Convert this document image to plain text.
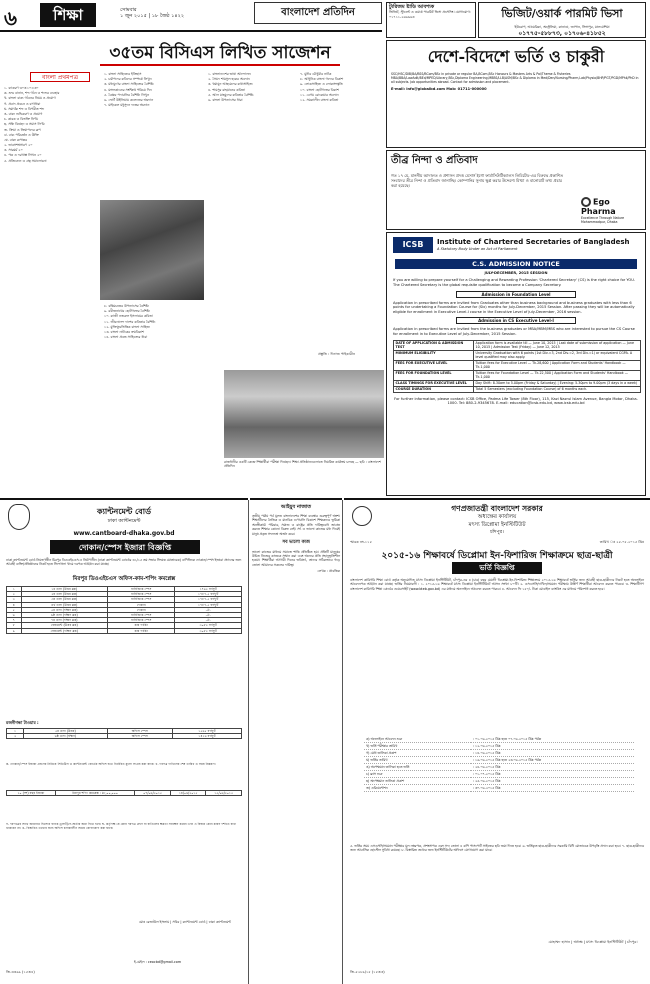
৬	শিক্ষা	সোমবার
১ জুন ২০১৫ | ১৮ জৈষ্ঠ ১৪২২	বাংলাদেশ প্রতিদিন
৩৫তম বিসিএস লিখিত সাজেশন
বাংলা প্রথমপত্র

১. ব্যাকরণ ৩০×১০=৩০

ক. শুদ্ধ বানান, শব্দ গঠন ও শব্দের ব্যবহার

খ. বাংলা বাক্য গঠনের নিয়ম ও প্রয়োগ

গ. প্রবাদ প্রবচন ও বাগধারা

ঘ. সমার্থক শব্দ ও বিপরীত শব্দ

ঙ. বাক্য শুদ্ধিকরণ ও প্রয়োগ

চ. কারক ও বিভক্তি নির্ণয়

ছ. সন্ধি বিচ্ছেদ ও সমাস নির্ণয়

জ. ক্রিয়া ও ক্রিয়াপদের রূপ

ঝ. বাচ্য পরিবর্তন ও উক্তি

ঞ. বাক্য রূপান্তর

২. ভাবসম্প্রসারণ ২০

৩. সারমর্ম ২০

৪. পত্র ও দরখাস্ত লিখন ২০

৫. প্রতিবেদন ও গ্রন্থ সমালোচনা

১. বাংলা সাহিত্যের ইতিহাস

২. চর্যাপদের কবিদের সম্পর্কে লিখুন

৩. মধ্যযুগের বাংলা সাহিত্যের বৈশিষ্ট্য

৪. মঙ্গলকাব্যের সংক্ষিপ্ত পরিচয় দিন

৫. বৈষ্ণব পদাবলির বৈশিষ্ট্য লিখুন

৬. ফোর্ট উইলিয়াম কলেজের অবদান

৭. মাইকেল মধুসূদন দত্তের অবদান

৮. বঙ্কিমচন্দ্রের উপন্যাসের বৈশিষ্ট্য

৯. রবীন্দ্রনাথের ছোটগল্পের বৈশিষ্ট্য

১০. কাজী নজরুল ইসলামের কবিতা

১১. জীবনানন্দ দাশের কবিতার বৈশিষ্ট্য

১২. মুক্তিযুদ্ধভিত্তিক বাংলা সাহিত্য

১৩. বাংলা নাটকের ক্রমবিকাশ

১৪. বাংলা প্রবন্ধ সাহিত্যের ধারা

১. বাংলাদেশের ভাষা আন্দোলন

২. সৈয়দ শামসুল হকের অবদান

৩. হুমায়ূন আহমেদের কথাসাহিত্য

৪. শামসুর রাহমানের কবিতা

৫. আল মাহমুদের কবিতার বৈশিষ্ট্য

৬. বাংলা উপন্যাসের ধারা

৭. মুনীর চৌধুরীর নাটক

৮. আধুনিক বাংলা গদ্যের বিকাশ

৯. লোকসাহিত্য ও লোকসংস্কৃতি

১০. বাংলা ছোটগল্পের বিকাশ

১১. বেগম রোকেয়ার অবদান

১২. সমকালীন বাংলা কবিতা

প্রস্তুতি : দিনাজ পাইকারীন
রাজধানীর একটি কেন্দ্রে শিক্ষার্থীরা পরীক্ষা দিচ্ছেন। শিক্ষা প্রতিষ্ঠানগুলোতে নিয়মিত কার্যক্রম চলছে — ছবি : বাংলাদেশ প্রতিদিন
ট্যুরিজম ষ্টাডি আবশ্যক
ভিজিট, স্টুডেন্ট ও ওয়ার্ক পারমিট ভিসা প্রসেসিং। যোগাযোগ: ০১৭১১-২৬৬৬৬৩	ভিজিট/ওয়ার্ক পারমিট ভিসা
ইউরোপ, আমেরিকা, অস্ট্রেলিয়া, কানাডা, জাপান, সিঙ্গাপুর, মালয়েশিয়া
০১৭৭৫-৫৮৮৭৩, ০১৭০৬-৪১৮৫২
দেশে-বিদেশে ভর্তি ও চাকুরী
SSC/HSC/DIB/BA/BSS/BCom/BSc in private or regular BA,BCom,BSc Honours & Masters Arts & Pol/Theme & Fisheries MBA/BBA/LawAdit/BEd/MPED/Library,BSc,Diploma Engineering,MBBS/LLB/ASM/BSc & Diploma in Med/Den/Nursing/Pharm,Lab/Physio/BHP/PGT/PGD/MPhil/PhD in all subjects. Job opportunities abroad. Contact for admission and placement.
E-mail: info@globalbd.com Mob: 01711-000000
তীব্র নিন্দা ও প্রতিবাদ
গত ১৭ মে, মাননীয় আদালত ও প্রশাসন প্রদত্ত মেসার্স ইগো ফার্মাসিউটিক্যালস লিমিটেড-এর বিরুদ্ধে প্রকাশিত সংবাদের তীব্র নিন্দা ও প্রতিবাদ জানাচ্ছি। কোম্পানির সুনাম ক্ষুণ্ণ করার উদ্দেশ্যে মিথ্যা ও বানোয়াট তথ্য প্রচার করা হয়েছে।
Ego Pharma
Excellence Through Nature
Mohammadpur, Dhaka
ICSB	Institute of Chartered Secretaries of Bangladesh
A Statutory Body Under an Act of Parliament
C.S. ADMISSION NOTICE
JULY-DECEMBER, 2015 SESSION
If you are willing to prepare yourself for a Challenging and Rewarding Profession 'Chartered Secretary' (CS) is the right choice for YOU. The Chartered Secretary is the global requisite qualification to become a Company Secretary.
Admission in Foundation Level
Application in prescribed forms are invited from Graduates other than business background and business graduates with less than 6 points for undertaking a Foundation Course for (Six) months for July-December, 2015 Session. After passing they will be automatically eligible for enrollment in Executive Level-I course in the Executive Level of July-December, 2016 session.
Admission in CS Executive Level-I
Application in prescribed forms are invited from the business graduates or MBA/MBM/MBS who are interested to pursue the CS Course for enrollment in to Executive Level of July-December, 2015 Session.
DATE OF APPLICATION & ADMISSION TEST	Application form is available till — June 10, 2015 | Last date of submission of application — June 10, 2015 | Admission Test (Friday) — June 12, 2015
MINIMUM ELIGIBILITY	University Graduation with 6 points (1st Div.=3, 2nd Div.=2, 3rd Div.=1) or equivalent CGPA. A level qualified may also apply.
FEES FOR EXECUTIVE LEVEL	Tuition fees for Executive Level — Tk.28,600 | Application Form and Students' Handbook — Tk.1,000
FEES FOR FOUNDATION LEVEL	Tuition fees for Foundation Level — Tk.22,500 | Application Form and Students' Handbook — Tk.1,000
CLASS TIMINGS FOR EXECUTIVE LEVEL	Day Shift: 8.30am to 5.00pm (Friday & Saturday) | Evening: 5.30pm to 9.00pm (3 days in a week)
COURSE DURATION	Total 5 Semesters (excluding Foundation Course) of 6 months each.
For further information, please contact: ICSB Office, Padma Life Tower (8th Floor), 115, Kazi Nazrul Islam Avenue, Bangla Motor, Dhaka-1000. Tel: 880-2-9345678. E-mail: education@icsb.edu.bd, www.icsb.edu.bd
ক্যান্টনমেন্ট বোর্ড
ঢাকা ক্যান্টনমেন্ট
www.cantboard-dhaka.gov.bd
দোকান/স্পেস ইজারা বিজ্ঞপ্তি
ঢাকা ক্যান্টনমেন্ট বোর্ড নিয়ন্ত্রণাধীন মিরপুর ডিওএইচএস-এ নির্মাণাধীন (ঢাকা ক্যান্টনমেন্ট বোর্ডের ৩১/১৫ তম সভার সিদ্ধান্ত মোতাবেক) বাণিজ্যিক দোকান/স্পেস ইজারা প্রদানের জন্য আগ্রহী ব্যক্তি/প্রতিষ্ঠানের নিকট হতে সিলগালা খামে দরপত্র আহ্বান করা যাচ্ছে।
মিরপুর ডিওএইচএস অফিস-কাম-শপিং কমপ্লেক্স
১	১ম তলা (উত্তর ব্লক)	বাণিজ্যিক স্পেস	১৭৬২ বর্গফুট
২	২য় তলা (উত্তর ব্লক)	বাণিজ্যিক স্পেস	১৭৮৭.৫ বর্গফুট
৩	৩য় তলা (উত্তর ব্লক)	বাণিজ্যিক স্পেস	১৭৮৭.৫ বর্গফুট
৪	৪র্থ তলা (উত্তর ব্লক)	দোকান	১৭৮৭.৫ বর্গফুট
৫	৫ম তলা (দক্ষিণ ব্লক)	দোকান	-ঐ-
৬	৬ষ্ঠ তলা (দক্ষিণ ব্লক)	বাণিজ্যিক স্পেস	-ঐ-
৭	৭ম তলা (দক্ষিণ ব্লক)	বাণিজ্যিক স্পেস	-ঐ-
৮	বেজমেন্ট (উত্তর ব্লক)	কার পার্কিং	৩০৮২ বর্গফুট
৯	বেজমেন্ট (দক্ষিণ ব্লক)	কার পার্কিং	৩০৮২ বর্গফুট
রজনীগন্ধা টাওয়ার :
১	৫ম তলা (উত্তর)	অফিস স্পেস	১৫৬৫ বর্গফুট
২	৬ষ্ঠ তলা (দক্ষিণ)	অফিস স্পেস	১৪১৬ বর্গফুট
ক. দোকান/স্পেস ইজারা গ্রহণের নিমিত্তে সিডিউল ও ক্যান্টনমেন্ট বোর্ডের অফিস হতে নির্ধারিত মূল্যে সংগ্রহ করা যাবে। খ. দরপত্র দাখিলের শেষ তারিখ ও সময় নিম্নরূপ:
১০ (দশ) বছর ইজারা	মিরপুর শপিং কমপ্লেক্স : ৳৮,০০,০০০	০৭/০৬/২০১৫	১৪/০৬/২০১৫	১৫/০৬/২০১৫
গ. দরপত্রের সাথে জামানত হিসেবে ব্যাংক ড্রাফট/পে-অর্ডার জমা দিতে হবে। ঘ. কর্তৃপক্ষ যে কোন দরপত্র গ্রহণ বা বাতিলের ক্ষমতা সংরক্ষণ করেন এবং এ বিষয়ে কোন কারণ দর্শাতে বাধ্য থাকবেন না। ঙ. বিস্তারিত তথ্যের জন্য অফিস চলাকালীন সময়ে যোগাযোগ করা যাবে।
মোঃ রেজাউল ইসলাম | সচিব | ক্যান্টনমেন্ট বোর্ড | ঢাকা ক্যান্টনমেন্ট
ই-মেইল : ceocbd@gmail.com
জি-৩৩৬৯ (১৫×৪)
আইয়ুব নাজাত
তৃতীয় পর্যায় পর্ব মূলত বাংলাদেশের শিক্ষা ব্যবস্থার গুরুত্বপূর্ণ অংশ। শিক্ষার্থীদের নৈতিক ও মানবিক গুণাবলি বিকাশে শিক্ষকদের ভূমিকা অনস্বীকার্য। পরিবার, সমাজ ও রাষ্ট্রের প্রতি দায়িত্ববোধ জাগ্রত করতে শিক্ষার কোনো বিকল্প নেই। সৎ ও ভালো কাজের মধ্য দিয়েই মানুষ প্রকৃত সফলতা অর্জন করে।
সব ভালো কাজ
ভালো কাজের মাধ্যমে সমাজে শান্তি প্রতিষ্ঠিত হয়। প্রতিটি মানুষের উচিত নিজের কাজকে সম্মান করা এবং অন্যের প্রতি সহানুভূতিশীল হওয়া। শিক্ষার্থীরা আগামী দিনের ভবিষ্যৎ, তাদের সঠিকভাবে গড়ে তোলা আমাদের সকলের দায়িত্ব।
লেখক : প্রাবন্ধিক
গণপ্রজাতন্ত্রী বাংলাদেশ সরকার
অধ্যক্ষের কার্যালয়
মৎস্য ডিপ্লোমা ইনস্টিটিউট
চাঁদপুর।
স্মারক নং-১১৫	তারিখ ঃ ২৫.০৫.২০১৫ খ্রিঃ
২০১৫-১৬ শিক্ষাবর্ষে ডিপ্লোমা ইন-ফিশারিজ শিক্ষাক্রমে ছাত্র-ছাত্রী
ভর্তি বিজ্ঞপ্তি
বাংলাদেশ কারিগরি শিক্ষা বোর্ড কর্তৃক অনুমোদিত মৎস্য ডিপ্লোমা ইনস্টিটিউট, চাঁদপুর-এর ৪ (চার) বছর মেয়াদী ডিপ্লোমা-ইন-ফিশারিজ শিক্ষাক্রমে ২০১৫-১৬ শিক্ষাবর্ষে ভর্তির জন্য আগ্রহী ছাত্র-ছাত্রীদের নিকট হতে অনলাইনে আবেদনপত্র আহ্বান করা যাচ্ছে। ভর্তির নিয়মাবলী : ১. ২০১৫-১৬ শিক্ষাবর্ষে মৎস্য ডিপ্লোমা ইনস্টিটিউটে আসন সংখ্যা ৮০টি। ২. এসএসসি/দাখিল/সমমান পরীক্ষায় উত্তীর্ণ শিক্ষার্থীরা আবেদন করতে পারবে। ৩. শিক্ষার্থীগণ বাংলাদেশ কারিগরি শিক্ষা বোর্ডের ওয়েবসাইট (www.bteb.gov.bd) এর মাধ্যমে অনলাইনে আবেদন করতে পারবে। ৪. আবেদন ফি ১৫০/- টাকা মোবাইল ব্যাংকিং এর মাধ্যমে পরিশোধ করতে হবে।
ক) অনলাইনে আবেদন শুরু	: ০১.০৬.২০১৫ খ্রিঃ হতে ০৭.০৬.২০১৫ খ্রিঃ পর্যন্ত
খ) ভর্তি পরীক্ষার তারিখ	: ১২.০৬.২০১৫ খ্রিঃ
গ) মেধা তালিকা প্রকাশ	: ১৪.০৬.২০১৫ খ্রিঃ
ঘ) ভর্তির তারিখ	: ১৬.০৬.২০১৫ খ্রিঃ হতে ২৩.০৬.২০১৫ খ্রিঃ পর্যন্ত
ঙ) অপেক্ষমান তালিকা হতে ভর্তি	: ২৪.০৬.২০১৫ খ্রিঃ
চ) ক্লাস শুরু	: ০১.০৭.২০১৫ খ্রিঃ
ছ) অপেক্ষমান তালিকা প্রকাশ	: ২৫.০৬.২০১৫ খ্রিঃ
জ) ওরিয়েন্টেশন	: ৩০.০৬.২০১৫ খ্রিঃ
৫. ভর্তির সময় এসএসসি/সমমান পরীক্ষার মূল নম্বরপত্র, প্রশংসাপত্র এবং সদ্য তোলা ৪ কপি পাসপোর্ট সাইজের ছবি জমা দিতে হবে। ৬. ভর্তিকৃত ছাত্র-ছাত্রীদের সরকারি বিধি মোতাবেক উপবৃত্তি প্রদান করা হবে। ৭. ছাত্র-ছাত্রীদের জন্য আবাসিক হোস্টেল সুবিধা রয়েছে। ৮. বিস্তারিত তথ্যের জন্য ইনস্টিটিউটের অফিসে যোগাযোগ করা যাবে।
মোহাম্মদ হাসান | অধ্যক্ষ | মৎস্য ডিপ্লোমা ইনস্টিটিউট | চাঁদপুর।
জি-৫২৮৯/১৫ (১৫×৩)
